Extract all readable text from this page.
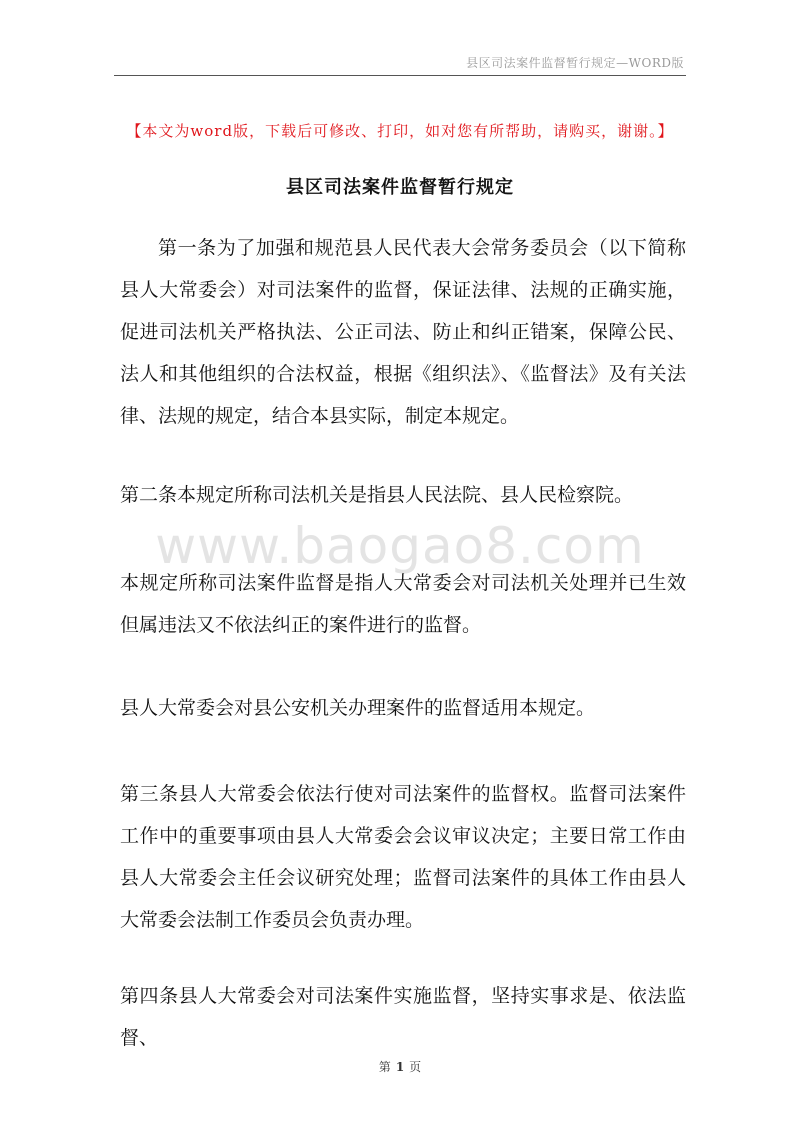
县区司法案件监督暂行规定—WORD版
【本文为word版，下载后可修改、打印，如对您有所帮助，请购买，谢谢。】
县区司法案件监督暂行规定

第一条为了加强和规范县人民代表大会常务委员会（以下简称县人大常委会）对司法案件的监督，保证法律、法规的正确实施，促进司法机关严格执法、公正司法、防止和纠正错案，保障公民、法人和其他组织的合法权益，根据《组织法》、《监督法》及有关法律、法规的规定，结合本县实际，制定本规定。

第二条本规定所称司法机关是指县人民法院、县人民检察院。

www.baogao8.com

本规定所称司法案件监督是指人大常委会对司法机关处理并已生效但属违法又不依法纠正的案件进行的监督。

县人大常委会对县公安机关办理案件的监督适用本规定。

第三条县人大常委会依法行使对司法案件的监督权。监督司法案件工作中的重要事项由县人大常委会会议审议决定；主要日常工作由县人大常委会主任会议研究处理；监督司法案件的具体工作由县人大常委会法制工作委员会负责办理。

第四条县人大常委会对司法案件实施监督，坚持实事求是、依法监督、

第 1 页
